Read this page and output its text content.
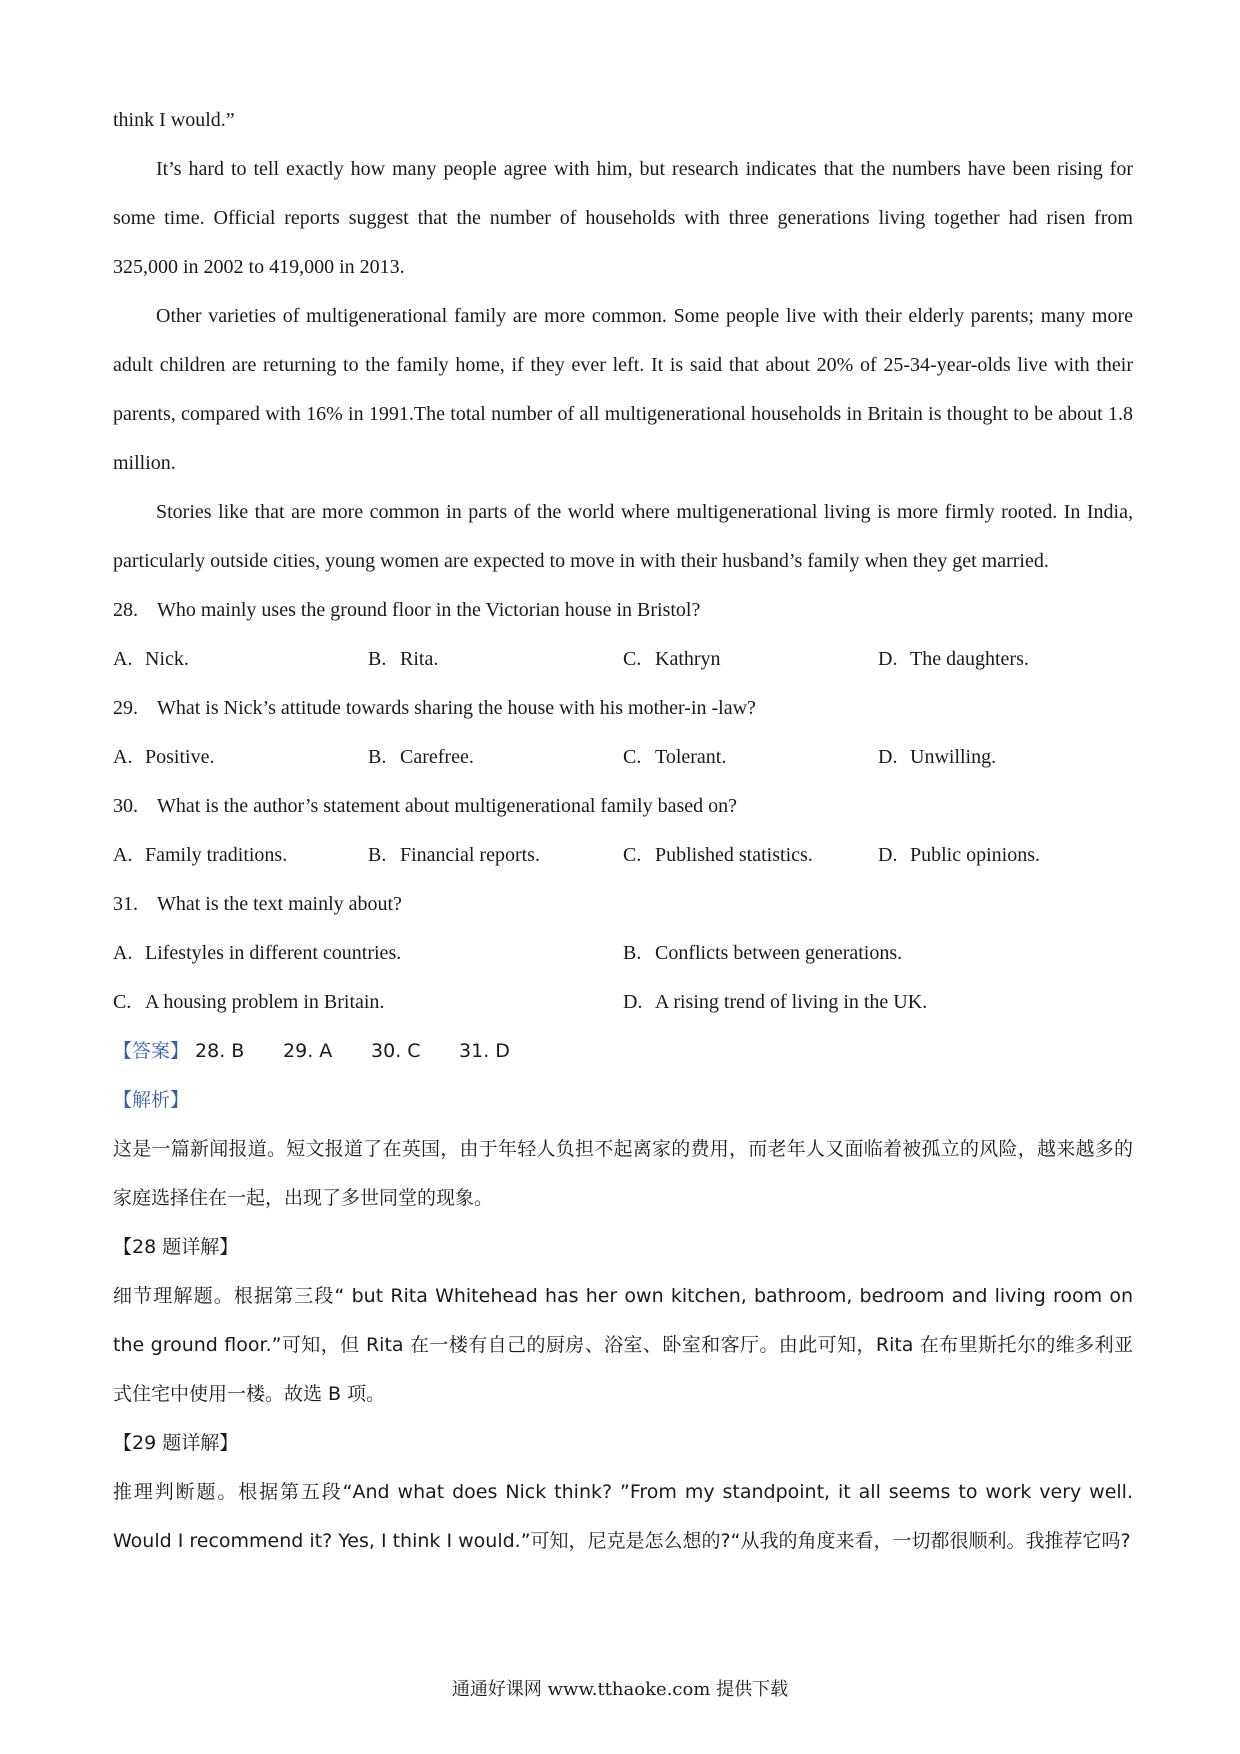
think I would.”

It’s hard to tell exactly how many people agree with him, but research indicates that the numbers have been rising for some time. Official reports suggest that the number of households with three generations living together had risen from 325,000 in 2002 to 419,000 in 2013.

Other varieties of multigenerational family are more common. Some people live with their elderly parents; many more adult children are returning to the family home, if they ever left. It is said that about 20% of 25-34-year-olds live with their parents, compared with 16% in 1991.The total number of all multigenerational households in Britain is thought to be about 1.8 million.

Stories like that are more common in parts of the world where multigenerational living is more firmly rooted. In India, particularly outside cities, young women are expected to move in with their husband’s family when they get married.

28. Who mainly uses the ground floor in the Victorian house in Bristol?
A. Nick.	B. Rita.	C. Kathryn	D. The daughters.
29. What is Nick’s attitude towards sharing the house with his mother-in -law?
A. Positive.	B. Carefree.	C. Tolerant.	D. Unwilling.
30. What is the author’s statement about multigenerational family based on?
A. Family traditions.	B. Financial reports.	C. Published statistics.	D. Public opinions.
31. What is the text mainly about?
A. Lifestyles in different countries.	B. Conflicts between generations.
C. A housing problem in Britain.	D. A rising trend of living in the UK.
【答案】 28. B 29. A 30. C 31. D
【解析】

这是一篇新闻报道。短文报道了在英国，由于年轻人负担不起离家的费用，而老年人又面临着被孤立的风险，越来越多的家庭选择住在一起，出现了多世同堂的现象。

【28 题详解】

细节理解题。根据第三段“ but Rita Whitehead has her own kitchen, bathroom, bedroom and living room on the ground floor.”可知，但 Rita 在一楼有自己的厨房、浴室、卧室和客厅。由此可知，Rita 在布里斯托尔的维多利亚式住宅中使用一楼。故选 B 项。

【29 题详解】

推理判断题。根据第五段“And what does Nick think? ”From my standpoint, it all seems to work very well. Would I recommend it? Yes, I think I would.”可知，尼克是怎么想的?“从我的角度来看，一切都很顺利。我推荐它吗?

通通好课网 www.tthaoke.com 提供下载
